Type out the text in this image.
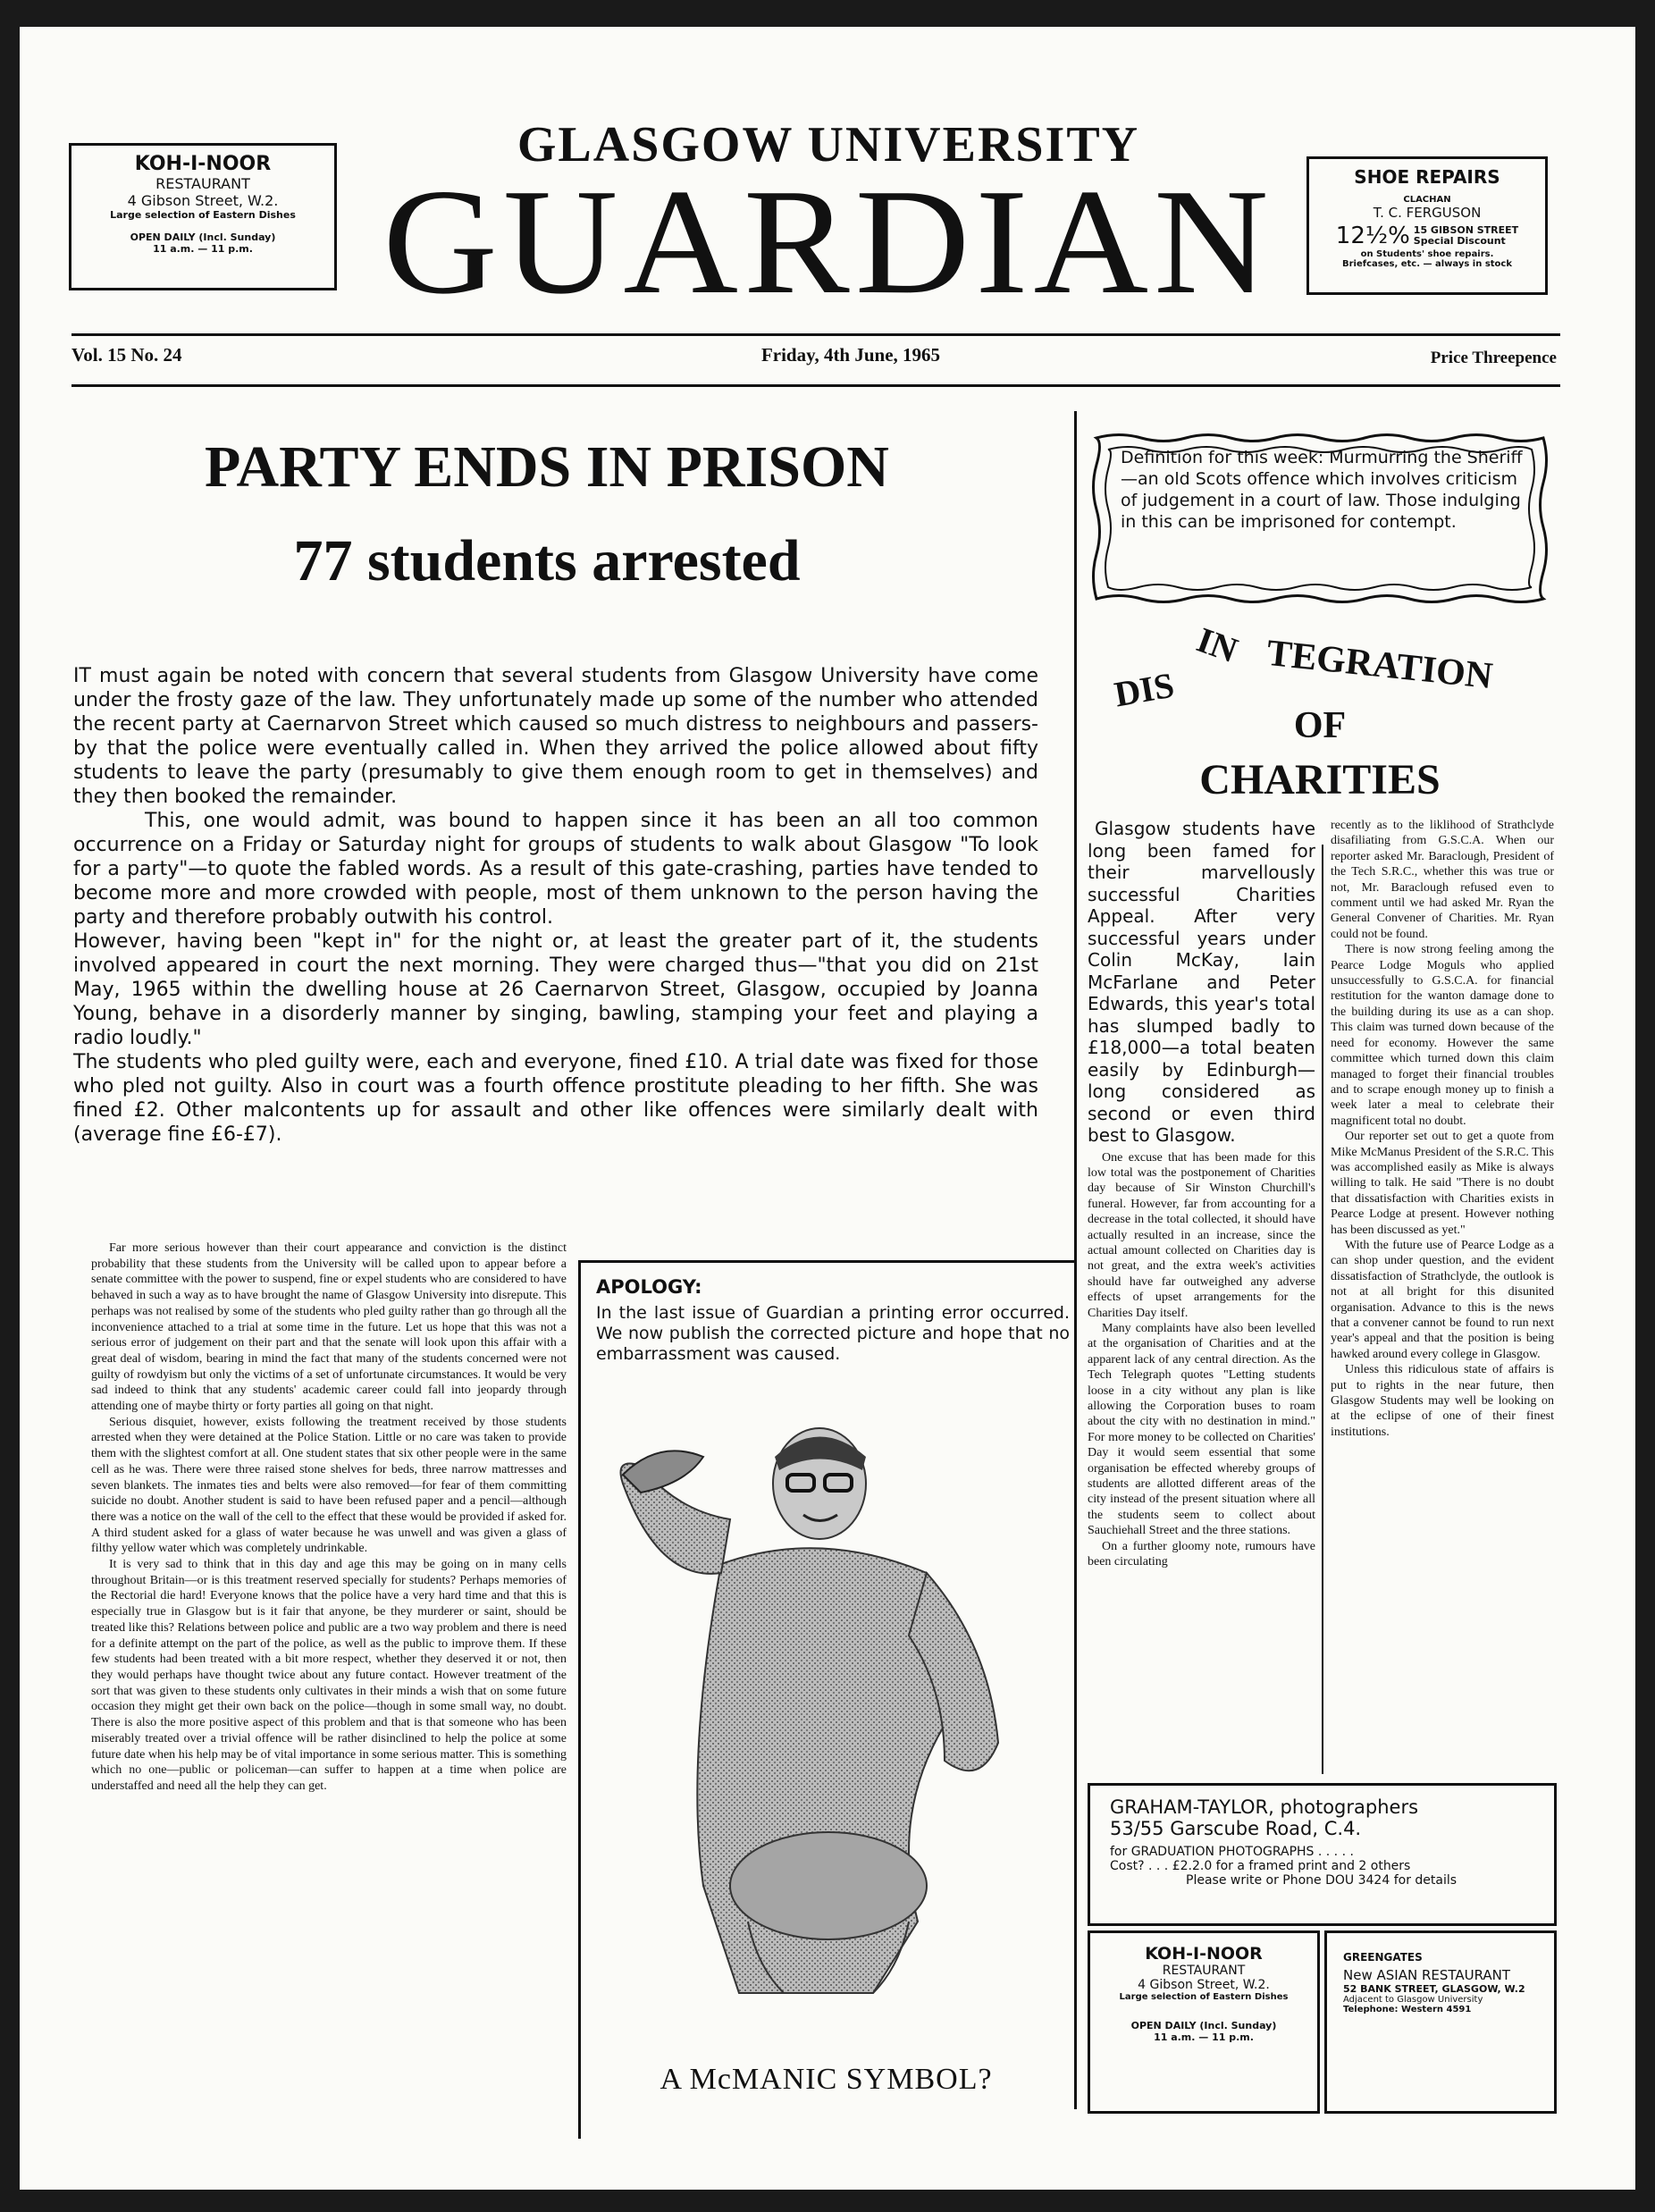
KOH-I-NOOR
RESTAURANT
4 Gibson Street, W.2.
Large selection of Eastern Dishes
OPEN DAILY (Incl. Sunday)
11 a.m. — 11 p.m.
GLASGOW UNIVERSITY
GUARDIAN	SHOE REPAIRS
CLACHAN
T. C. FERGUSON
12½% 15 GIBSON STREET
Special Discount
on Students' shoe repairs.
Briefcases, etc. — always in stock
Vol. 15 No. 24	Friday, 4th June, 1965	Price Threepence
PARTY ENDS IN PRISON
77 students arrested

IT must again be noted with concern that several students from Glasgow University have come under the frosty gaze of the law. They unfortunately made up some of the number who attended the recent party at Caernarvon Street which caused so much distress to neighbours and passers-by that the police were eventually called in. When they arrived the police allowed about fifty students to leave the party (presumably to give them enough room to get in themselves) and they then booked the remainder.

This, one would admit, was bound to happen since it has been an all too common occurrence on a Friday or Saturday night for groups of students to walk about Glasgow "To look for a party"—to quote the fabled words. As a result of this gate-crashing, parties have tended to become more and more crowded with people, most of them unknown to the person having the party and therefore probably outwith his control.

However, having been "kept in" for the night or, at least the greater part of it, the students involved appeared in court the next morning. They were charged thus—"that you did on 21st May, 1965 within the dwelling house at 26 Caernarvon Street, Glasgow, occupied by Joanna Young, behave in a disorderly manner by singing, bawling, stamping your feet and playing a radio loudly."

The students who pled guilty were, each and everyone, fined £10. A trial date was fixed for those who pled not guilty. Also in court was a fourth offence prostitute pleading to her fifth. She was fined £2. Other malcontents up for assault and other like offences were similarly dealt with (average fine £6-£7).

Far more serious however than their court appearance and conviction is the distinct probability that these students from the University will be called upon to appear before a senate committee with the power to suspend, fine or expel students who are considered to have behaved in such a way as to have brought the name of Glasgow University into disrepute. This perhaps was not realised by some of the students who pled guilty rather than go through all the inconvenience attached to a trial at some time in the future. Let us hope that this was not a serious error of judgement on their part and that the senate will look upon this affair with a great deal of wisdom, bearing in mind the fact that many of the students concerned were not guilty of rowdyism but only the victims of a set of unfortunate circumstances. It would be very sad indeed to think that any students' academic career could fall into jeopardy through attending one of maybe thirty or forty parties all going on that night.

Serious disquiet, however, exists following the treatment received by those students arrested when they were detained at the Police Station. Little or no care was taken to provide them with the slightest comfort at all. One student states that six other people were in the same cell as he was. There were three raised stone shelves for beds, three narrow mattresses and seven blankets. The inmates ties and belts were also removed—for fear of them committing suicide no doubt. Another student is said to have been refused paper and a pencil—although there was a notice on the wall of the cell to the effect that these would be provided if asked for. A third student asked for a glass of water because he was unwell and was given a glass of filthy yellow water which was completely undrinkable.

It is very sad to think that in this day and age this may be going on in many cells throughout Britain—or is this treatment reserved specially for students? Perhaps memories of the Rectorial die hard! Everyone knows that the police have a very hard time and that this is especially true in Glasgow but is it fair that anyone, be they murderer or saint, should be treated like this? Relations between police and public are a two way problem and there is need for a definite attempt on the part of the police, as well as the public to improve them. If these few students had been treated with a bit more respect, whether they deserved it or not, then they would perhaps have thought twice about any future contact. However treatment of the sort that was given to these students only cultivates in their minds a wish that on some future occasion they might get their own back on the police—though in some small way, no doubt. There is also the more positive aspect of this problem and that is that someone who has been miserably treated over a trivial offence will be rather disinclined to help the police at some future date when his help may be of vital importance in some serious matter. This is something which no one—public or policeman—can suffer to happen at a time when police are understaffed and need all the help they can get.

APOLOGY:
In the last issue of Guardian a printing error occurred. We now publish the corrected picture and hope that no embarrassment was caused.
A McMANIC SYMBOL?
Definition for this week: Murmurring the Sheriff—an old Scots offence which involves criticism of judgement in a court of law. Those indulging in this can be imprisoned for contempt.
DIS
IN TEGRATION
OF
CHARITIES

Glasgow students have long been famed for their marvellously successful Charities Appeal. After very successful years under Colin McKay, Iain McFarlane and Peter Edwards, this year's total has slumped badly to £18,000—a total beaten easily by Edinburgh—long considered as second or even third best to Glasgow.

One excuse that has been made for this low total was the postponement of Charities day because of Sir Winston Churchill's funeral. However, far from accounting for a decrease in the total collected, it should have actually resulted in an increase, since the actual amount collected on Charities day is not great, and the extra week's activities should have far outweighed any adverse effects of upset arrangements for the Charities Day itself.

Many complaints have also been levelled at the organisation of Charities and at the apparent lack of any central direction. As the Tech Telegraph quotes "Letting students loose in a city without any plan is like allowing the Corporation buses to roam about the city with no destination in mind." For more money to be collected on Charities' Day it would seem essential that some organisation be effected whereby groups of students are allotted different areas of the city instead of the present situation where all the students seem to collect about Sauchiehall Street and the three stations.

On a further gloomy note, rumours have been circulating

recently as to the liklihood of Strathclyde disafiliating from G.S.C.A. When our reporter asked Mr. Baraclough, President of the Tech S.R.C., whether this was true or not, Mr. Baraclough refused even to comment until we had asked Mr. Ryan the General Convener of Charities. Mr. Ryan could not be found.

There is now strong feeling among the Pearce Lodge Moguls who applied unsuccessfully to G.S.C.A. for financial restitution for the wanton damage done to the building during its use as a can shop. This claim was turned down because of the need for economy. However the same committee which turned down this claim managed to forget their financial troubles and to scrape enough money up to finish a week later a meal to celebrate their magnificent total no doubt.

Our reporter set out to get a quote from Mike McManus President of the S.R.C. This was accomplished easily as Mike is always willing to talk. He said "There is no doubt that dissatisfaction with Charities exists in Pearce Lodge at present. However nothing has been discussed as yet."

With the future use of Pearce Lodge as a can shop under question, and the evident dissatisfaction of Strathclyde, the outlook is not at all bright for this disunited organisation. Advance to this is the news that a convener cannot be found to run next year's appeal and that the position is being hawked around every college in Glasgow.

Unless this ridiculous state of affairs is put to rights in the near future, then Glasgow Students may well be looking on at the eclipse of one of their finest institutions.

GRAHAM-TAYLOR, photographers
53/55 Garscube Road, C.4.
for GRADUATION PHOTOGRAPHS . . . . .
Cost? . . . £2.2.0 for a framed print and 2 others
Please write or Phone DOU 3424 for details
KOH-I-NOOR
RESTAURANT
4 Gibson Street, W.2.
Large selection of Eastern Dishes
OPEN DAILY (Incl. Sunday)
11 a.m. — 11 p.m.
GREENGATES
New ASIAN RESTAURANT
52 BANK STREET, GLASGOW, W.2
Adjacent to Glasgow University
Telephone: Western 4591
